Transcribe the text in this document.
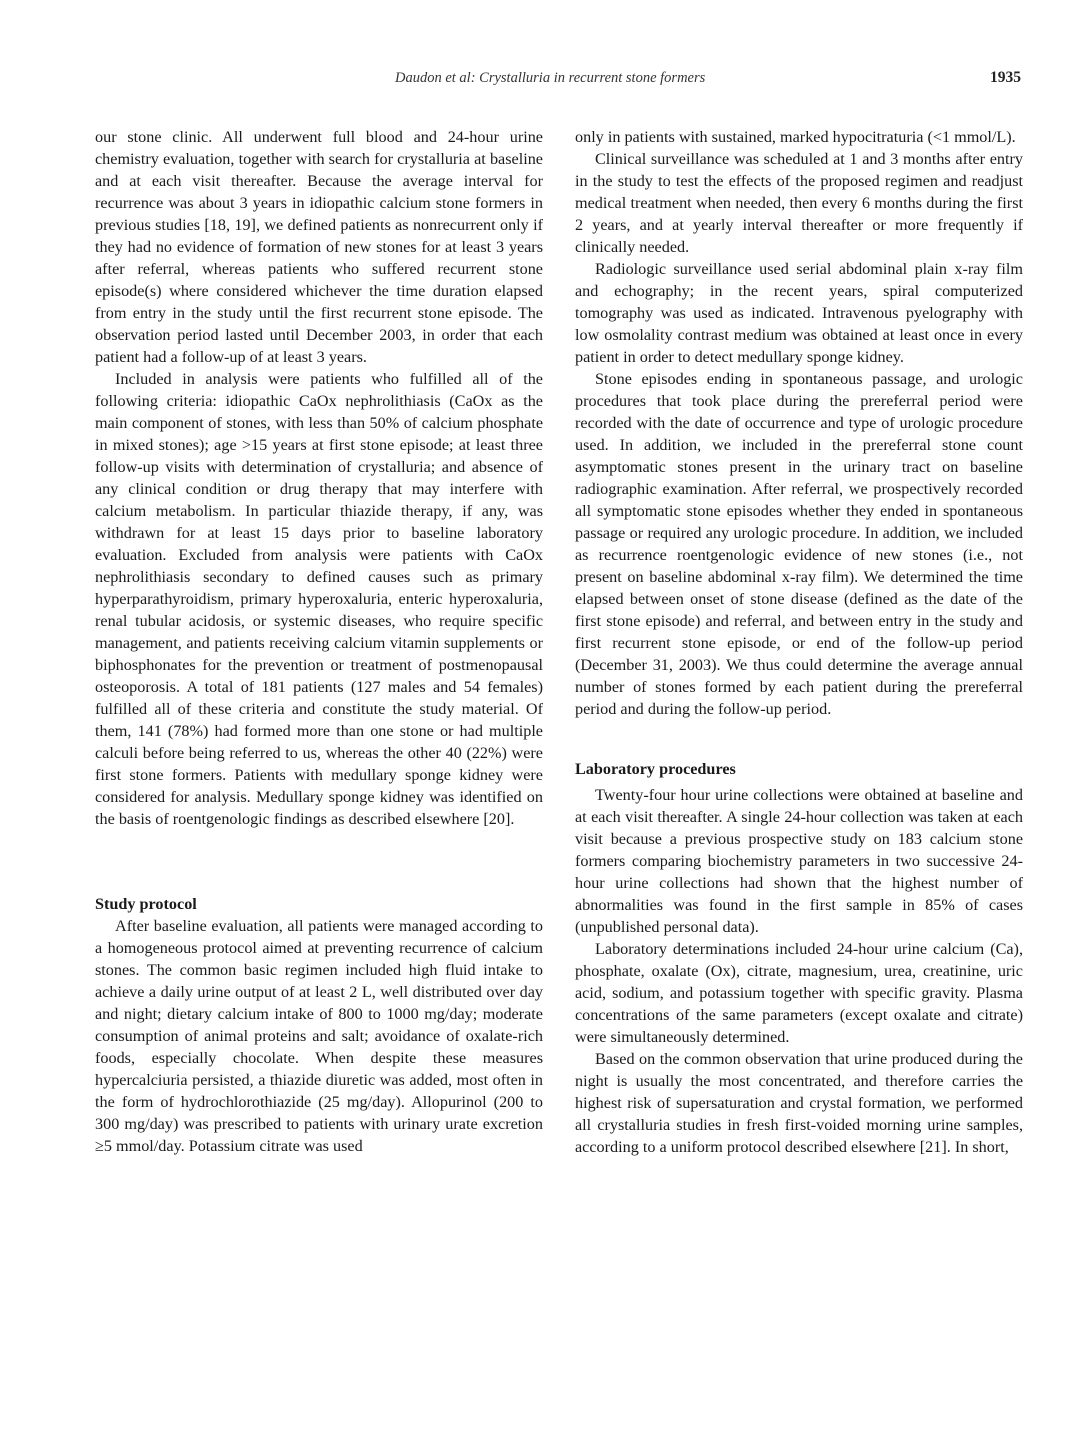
Daudon et al: Crystalluria in recurrent stone formers	1935

our stone clinic. All underwent full blood and 24-hour urine chemistry evaluation, together with search for crystalluria at baseline and at each visit thereafter. Because the average interval for recurrence was about 3 years in idiopathic calcium stone formers in previous studies [18, 19], we defined patients as nonrecurrent only if they had no evidence of formation of new stones for at least 3 years after referral, whereas patients who suffered recurrent stone episode(s) where considered whichever the time duration elapsed from entry in the study until the first recurrent stone episode. The observation period lasted until December 2003, in order that each patient had a follow-up of at least 3 years.

Included in analysis were patients who fulfilled all of the following criteria: idiopathic CaOx nephrolithiasis (CaOx as the main component of stones, with less than 50% of calcium phosphate in mixed stones); age >15 years at first stone episode; at least three follow-up visits with determination of crystalluria; and absence of any clinical condition or drug therapy that may interfere with calcium metabolism. In particular thiazide therapy, if any, was withdrawn for at least 15 days prior to baseline laboratory evaluation. Excluded from analysis were patients with CaOx nephrolithiasis secondary to defined causes such as primary hyperparathyroidism, primary hyperoxaluria, enteric hyperoxaluria, renal tubular acidosis, or systemic diseases, who require specific management, and patients receiving calcium vitamin supplements or biphosphonates for the prevention or treatment of postmenopausal osteoporosis. A total of 181 patients (127 males and 54 females) fulfilled all of these criteria and constitute the study material. Of them, 141 (78%) had formed more than one stone or had multiple calculi before being referred to us, whereas the other 40 (22%) were first stone formers. Patients with medullary sponge kidney were considered for analysis. Medullary sponge kidney was identified on the basis of roentgenologic findings as described elsewhere [20].

Study protocol

After baseline evaluation, all patients were managed according to a homogeneous protocol aimed at preventing recurrence of calcium stones. The common basic regimen included high fluid intake to achieve a daily urine output of at least 2 L, well distributed over day and night; dietary calcium intake of 800 to 1000 mg/day; moderate consumption of animal proteins and salt; avoidance of oxalate-rich foods, especially chocolate. When despite these measures hypercalciuria persisted, a thiazide diuretic was added, most often in the form of hydrochlorothiazide (25 mg/day). Allopurinol (200 to 300 mg/day) was prescribed to patients with urinary urate excretion ≥5 mmol/day. Potassium citrate was used

only in patients with sustained, marked hypocitraturia (<1 mmol/L).

Clinical surveillance was scheduled at 1 and 3 months after entry in the study to test the effects of the proposed regimen and readjust medical treatment when needed, then every 6 months during the first 2 years, and at yearly interval thereafter or more frequently if clinically needed.

Radiologic surveillance used serial abdominal plain x-ray film and echography; in the recent years, spiral computerized tomography was used as indicated. Intravenous pyelography with low osmolality contrast medium was obtained at least once in every patient in order to detect medullary sponge kidney.

Stone episodes ending in spontaneous passage, and urologic procedures that took place during the prereferral period were recorded with the date of occurrence and type of urologic procedure used. In addition, we included in the prereferral stone count asymptomatic stones present in the urinary tract on baseline radiographic examination. After referral, we prospectively recorded all symptomatic stone episodes whether they ended in spontaneous passage or required any urologic procedure. In addition, we included as recurrence roentgenologic evidence of new stones (i.e., not present on baseline abdominal x-ray film). We determined the time elapsed between onset of stone disease (defined as the date of the first stone episode) and referral, and between entry in the study and first recurrent stone episode, or end of the follow-up period (December 31, 2003). We thus could determine the average annual number of stones formed by each patient during the prereferral period and during the follow-up period.

Laboratory procedures

Twenty-four hour urine collections were obtained at baseline and at each visit thereafter. A single 24-hour collection was taken at each visit because a previous prospective study on 183 calcium stone formers comparing biochemistry parameters in two successive 24-hour urine collections had shown that the highest number of abnormalities was found in the first sample in 85% of cases (unpublished personal data).

Laboratory determinations included 24-hour urine calcium (Ca), phosphate, oxalate (Ox), citrate, magnesium, urea, creatinine, uric acid, sodium, and potassium together with specific gravity. Plasma concentrations of the same parameters (except oxalate and citrate) were simultaneously determined.

Based on the common observation that urine produced during the night is usually the most concentrated, and therefore carries the highest risk of supersaturation and crystal formation, we performed all crystalluria studies in fresh first-voided morning urine samples, according to a uniform protocol described elsewhere [21]. In short,
